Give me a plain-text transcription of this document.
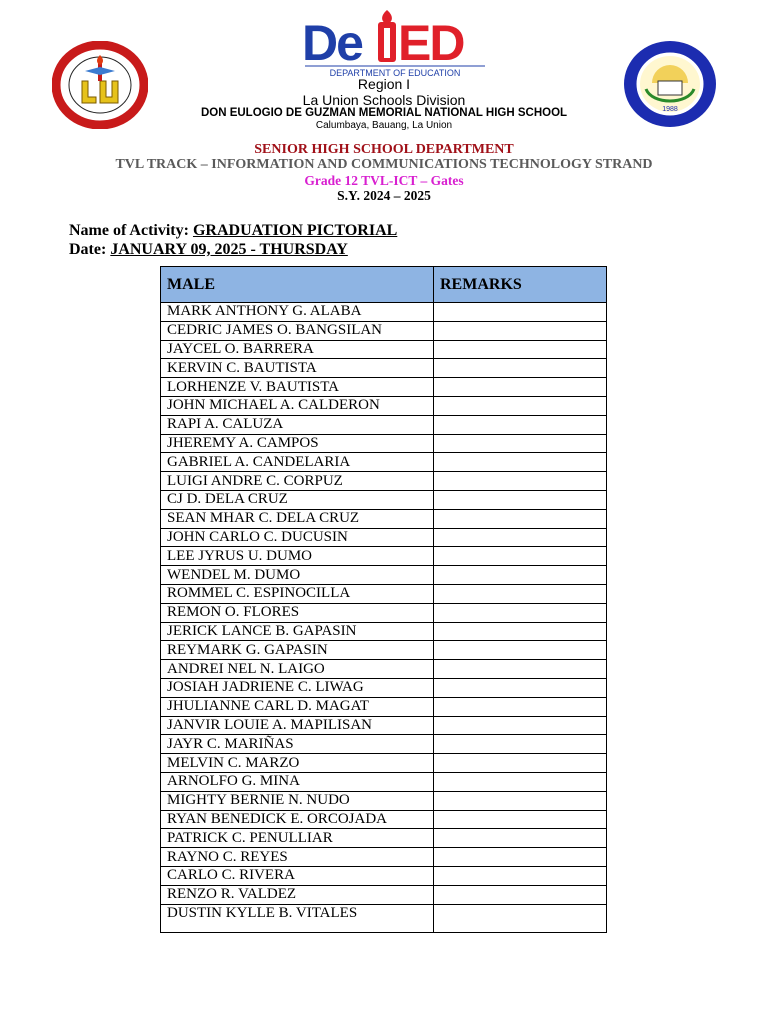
De ED
DEPARTMENT OF EDUCATION
1988
Region I
La Union Schools Division
DON EULOGIO DE GUZMAN MEMORIAL NATIONAL HIGH SCHOOL
Calumbaya, Bauang, La Union
SENIOR HIGH SCHOOL DEPARTMENT
TVL TRACK – INFORMATION AND COMMUNICATIONS TECHNOLOGY STRAND
Grade 12 TVL-ICT – Gates
S.Y. 2024 – 2025
Name of Activity: GRADUATION PICTORIAL
Date: JANUARY 09, 2025 - THURSDAY
MALE	REMARKS
MARK ANTHONY G. ALABA	
CEDRIC JAMES O. BANGSILAN	
JAYCEL O. BARRERA	
KERVIN C. BAUTISTA	
LORHENZE V. BAUTISTA	
JOHN MICHAEL A. CALDERON	
RAPI A. CALUZA	
JHEREMY A. CAMPOS	
GABRIEL A. CANDELARIA	
LUIGI ANDRE C. CORPUZ	
CJ D. DELA CRUZ	
SEAN MHAR C. DELA CRUZ	
JOHN CARLO C. DUCUSIN	
LEE JYRUS U. DUMO	
WENDEL M. DUMO	
ROMMEL C. ESPINOCILLA	
REMON O. FLORES	
JERICK LANCE B. GAPASIN	
REYMARK G. GAPASIN	
ANDREI NEL N. LAIGO	
JOSIAH JADRIENE C. LIWAG	
JHULIANNE CARL D. MAGAT	
JANVIR LOUIE A. MAPILISAN	
JAYR C. MARIÑAS	
MELVIN C. MARZO	
ARNOLFO G. MINA	
MIGHTY BERNIE N. NUDO	
RYAN BENEDICK E. ORCOJADA	
PATRICK C. PENULLIAR	
RAYNO C. REYES	
CARLO C. RIVERA	
RENZO R. VALDEZ	
DUSTIN KYLLE B. VITALES	
